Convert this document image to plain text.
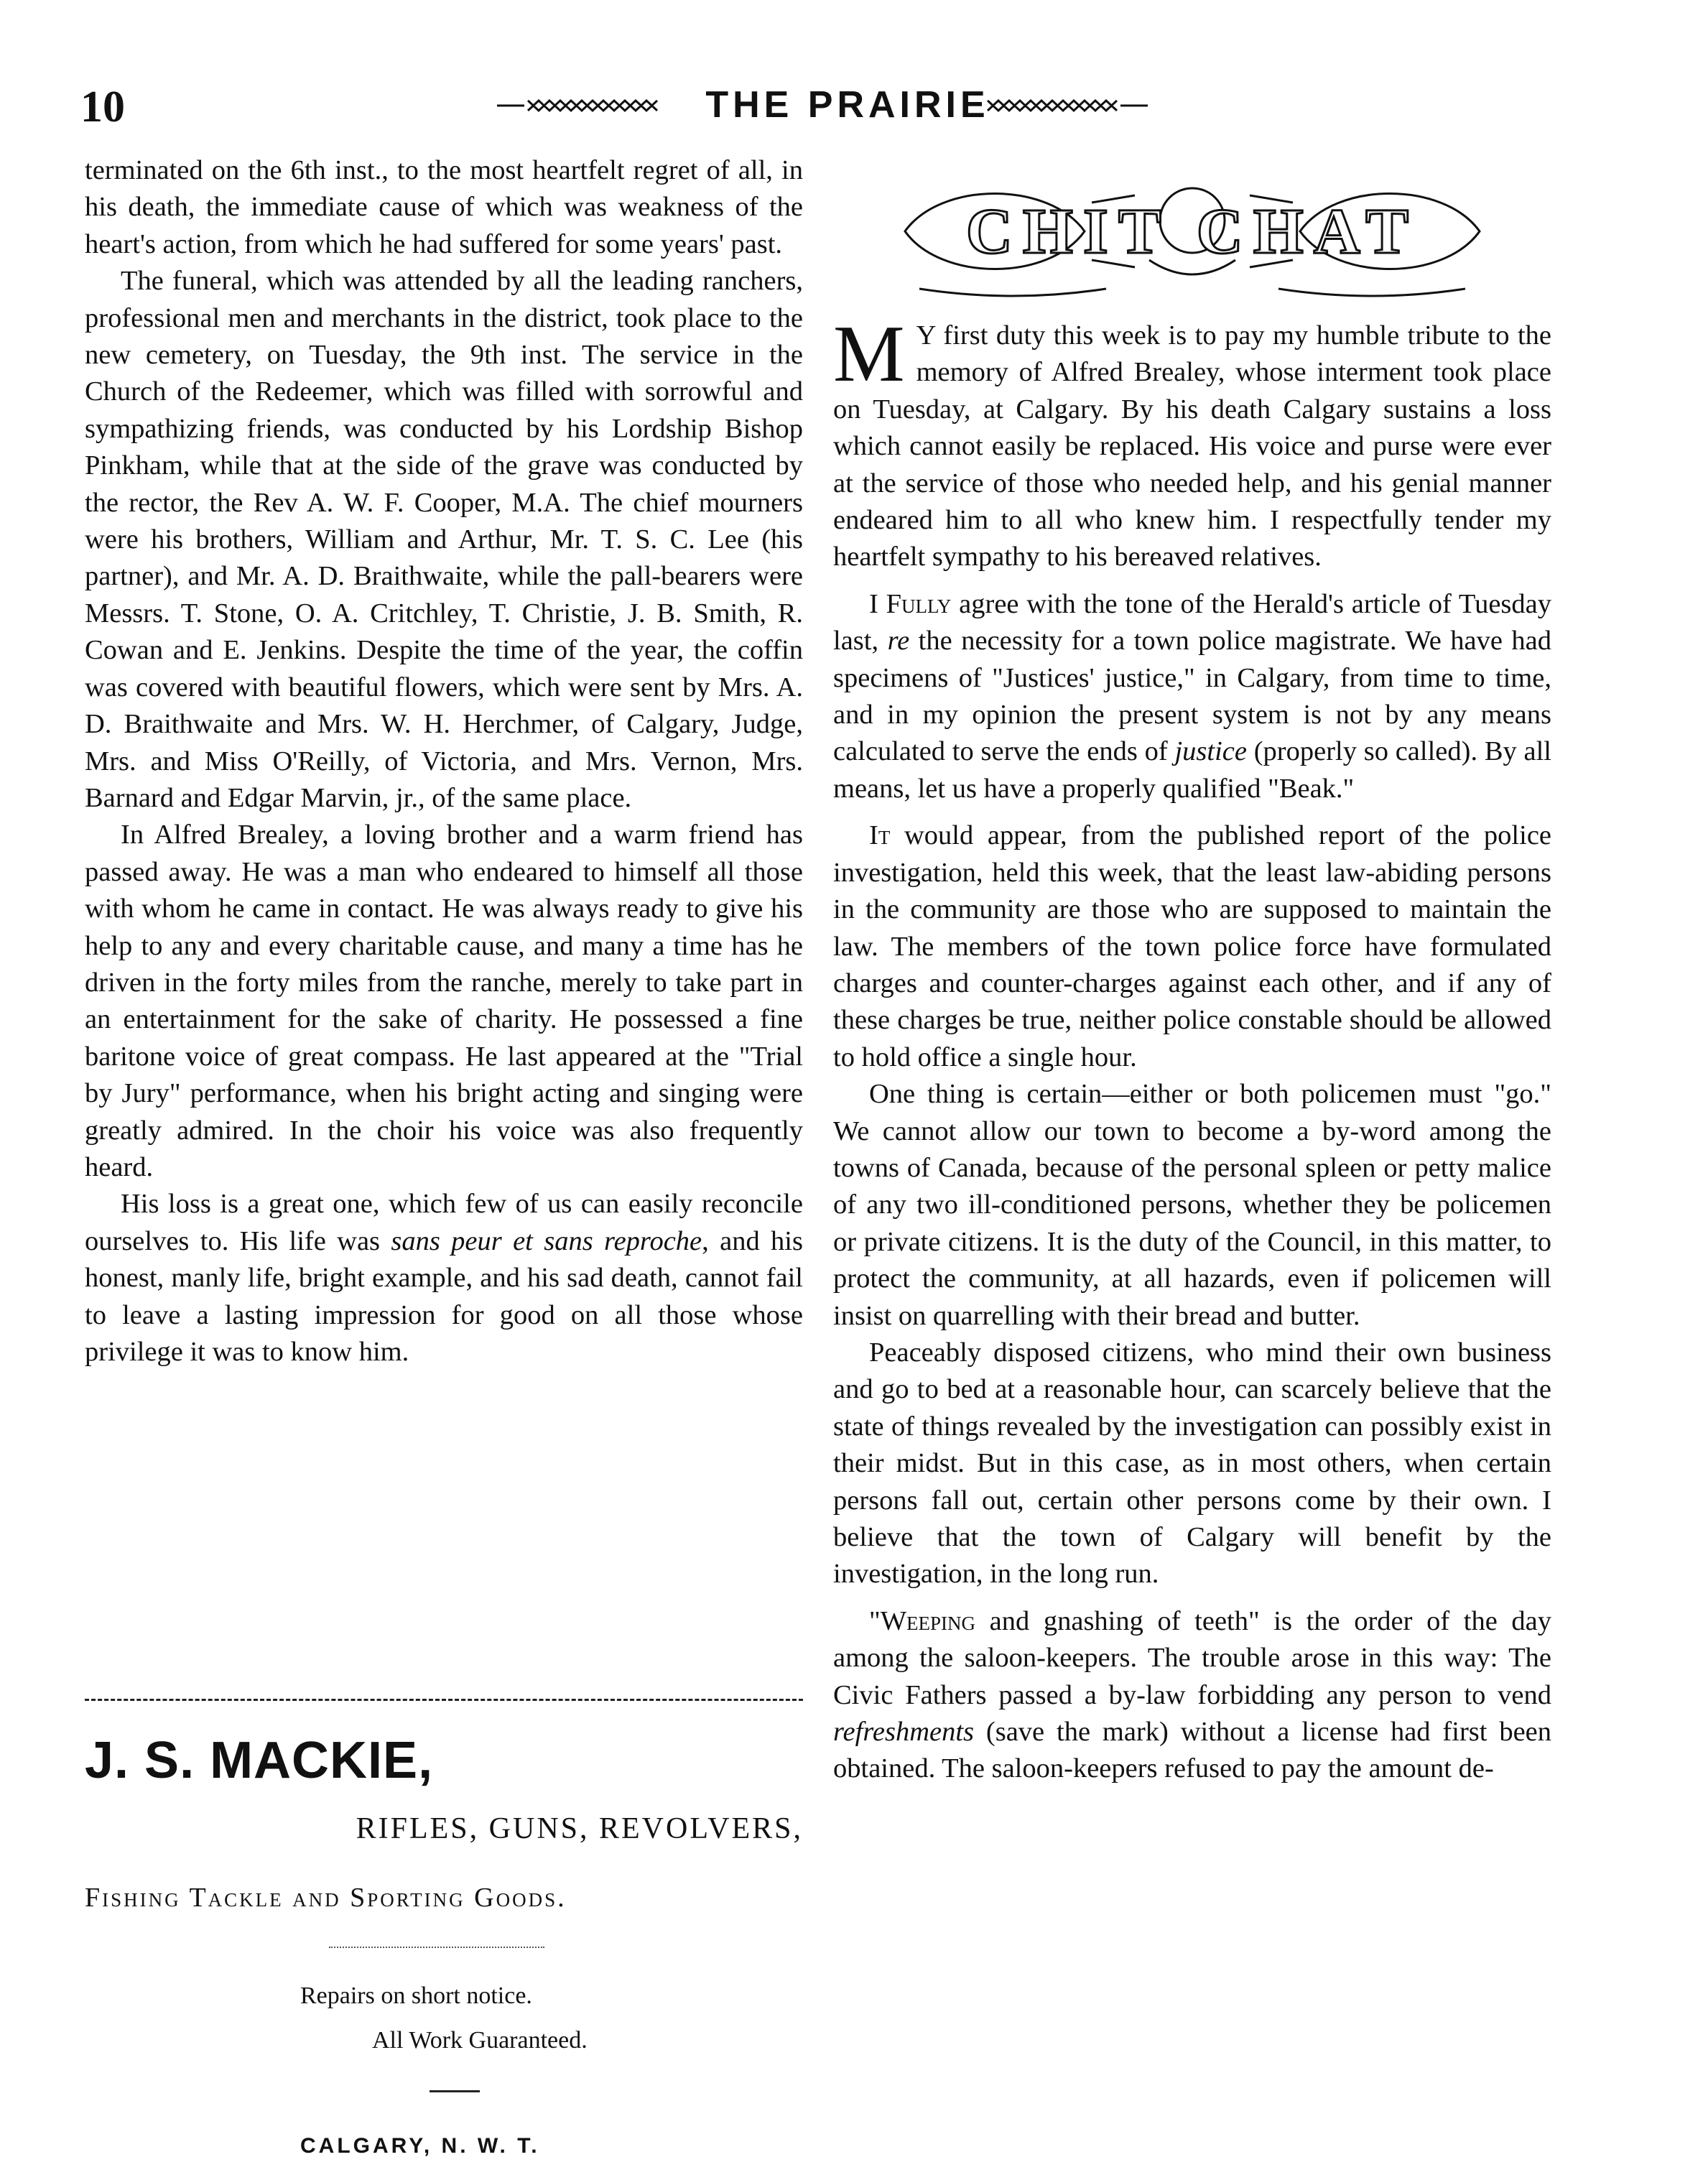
10	THE PRAIRIE

terminated on the 6th inst., to the most heartfelt regret of all, in his death, the immediate cause of which was weakness of the heart's action, from which he had suffered for some years' past.

The funeral, which was attended by all the leading ranchers, professional men and merchants in the district, took place to the new cemetery, on Tuesday, the 9th inst. The service in the Church of the Redeemer, which was filled with sorrowful and sympathizing friends, was conducted by his Lordship Bishop Pinkham, while that at the side of the grave was conducted by the rector, the Rev A. W. F. Cooper, M.A. The chief mourners were his brothers, William and Arthur, Mr. T. S. C. Lee (his partner), and Mr. A. D. Braithwaite, while the pall-bearers were Messrs. T. Stone, O. A. Critchley, T. Christie, J. B. Smith, R. Cowan and E. Jenkins. Despite the time of the year, the coffin was covered with beautiful flowers, which were sent by Mrs. A. D. Braithwaite and Mrs. W. H. Herchmer, of Calgary, Judge, Mrs. and Miss O'Reilly, of Victoria, and Mrs. Vernon, Mrs. Barnard and Edgar Marvin, jr., of the same place.

In Alfred Brealey, a loving brother and a warm friend has passed away. He was a man who endeared to himself all those with whom he came in contact. He was always ready to give his help to any and every charitable cause, and many a time has he driven in the forty miles from the ranche, merely to take part in an entertainment for the sake of charity. He possessed a fine baritone voice of great compass. He last appeared at the "Trial by Jury" performance, when his bright acting and singing were greatly admired. In the choir his voice was also frequently heard.

His loss is a great one, which few of us can easily reconcile ourselves to. His life was sans peur et sans reproche, and his honest, manly life, bright example, and his sad death, cannot fail to leave a lasting impression for good on all those whose privilege it was to know him.

J. S. MACKIE,
RIFLES, GUNS, REVOLVERS,
Fishing Tackle and Sporting Goods.
Repairs on short notice.
All Work Guaranteed.
CALGARY, N. W. T.
CHIT CHAT

M Y first duty this week is to pay my humble tribute to the memory of Alfred Brealey, whose interment took place on Tuesday, at Calgary. By his death Calgary sustains a loss which cannot easily be replaced. His voice and purse were ever at the service of those who needed help, and his genial manner endeared him to all who knew him. I respectfully tender my heartfelt sympathy to his bereaved relatives.

I Fully agree with the tone of the Herald's article of Tuesday last, re the necessity for a town police magistrate. We have had specimens of "Justices' justice," in Calgary, from time to time, and in my opinion the present system is not by any means calculated to serve the ends of justice (properly so called). By all means, let us have a properly qualified "Beak."

It would appear, from the published report of the police investigation, held this week, that the least law-abiding persons in the community are those who are supposed to maintain the law. The members of the town police force have formulated charges and counter-charges against each other, and if any of these charges be true, neither police constable should be allowed to hold office a single hour.

One thing is certain—either or both policemen must "go." We cannot allow our town to become a by-word among the towns of Canada, because of the personal spleen or petty malice of any two ill-conditioned persons, whether they be policemen or private citizens. It is the duty of the Council, in this matter, to protect the community, at all hazards, even if policemen will insist on quarrelling with their bread and butter.

Peaceably disposed citizens, who mind their own business and go to bed at a reasonable hour, can scarcely believe that the state of things revealed by the investigation can possibly exist in their midst. But in this case, as in most others, when certain persons fall out, certain other persons come by their own. I believe that the town of Calgary will benefit by the investigation, in the long run.

"Weeping and gnashing of teeth" is the order of the day among the saloon-keepers. The trouble arose in this way: The Civic Fathers passed a by-law forbidding any person to vend refreshments (save the mark) without a license had first been obtained. The saloon-keepers refused to pay the amount de-
